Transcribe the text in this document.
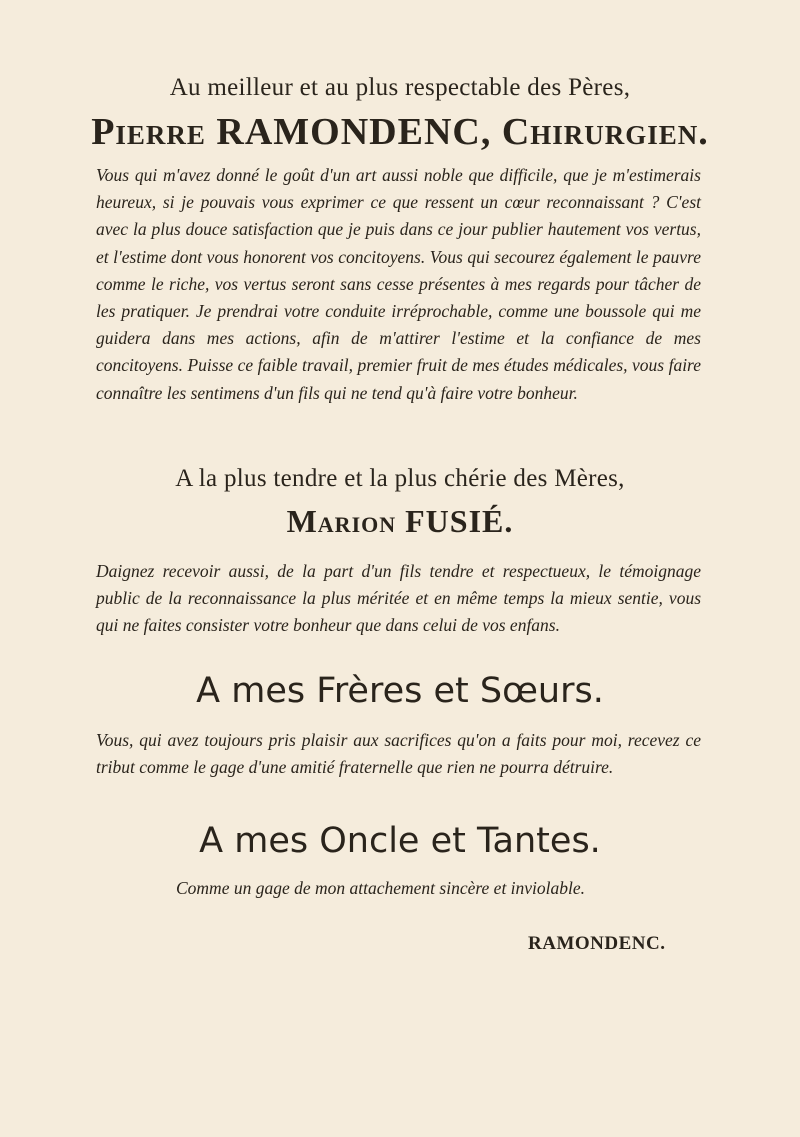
Au meilleur et au plus respectable des Pères,
Pierre RAMONDENC, Chirurgien.
Vous qui m'avez donné le goût d'un art aussi noble que difficile, que je m'estimerais heureux, si je pouvais vous exprimer ce que ressent un cœur reconnaissant ? C'est avec la plus douce satisfaction que je puis dans ce jour publier hautement vos vertus, et l'estime dont vous honorent vos concitoyens. Vous qui secourez également le pauvre comme le riche, vos vertus seront sans cesse présentes à mes regards pour tâcher de les pratiquer. Je prendrai votre conduite irréprochable, comme une boussole qui me guidera dans mes actions, afin de m'attirer l'estime et la confiance de mes concitoyens. Puisse ce faible travail, premier fruit de mes études médicales, vous faire connaître les sentimens d'un fils qui ne tend qu'à faire votre bonheur.
A la plus tendre et la plus chérie des Mères,
Marion FUSIÉ.
Daignez recevoir aussi, de la part d'un fils tendre et respectueux, le témoignage public de la reconnaissance la plus méritée et en même temps la mieux sentie, vous qui ne faites consister votre bonheur que dans celui de vos enfans.
A mes Frères et Sœurs.
Vous, qui avez toujours pris plaisir aux sacrifices qu'on a faits pour moi, recevez ce tribut comme le gage d'une amitié fraternelle que rien ne pourra détruire.
A mes Oncle et Tantes.
Comme un gage de mon attachement sincère et inviolable.
RAMONDENC.
